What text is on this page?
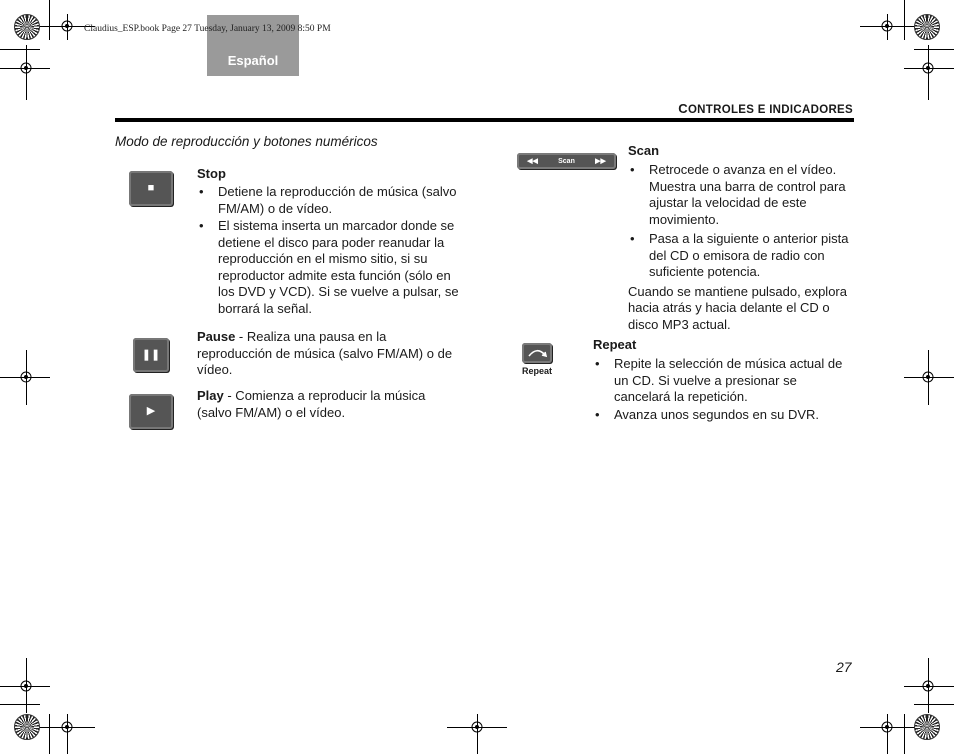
Claudius_ESP.book Page 27 Tuesday, January 13, 2009 8:50 PM
Español
CONTROLES E INDICADORES
Modo de reproducción y botones numéricos
■
Stop
• Detiene la reproducción de música (salvo FM/AM) o de vídeo.
• El sistema inserta un marcador donde se detiene el disco para poder reanudar la reproducción en el mismo sitio, si su reproductor admite esta función (sólo en los DVD y VCD). Si se vuelve a pulsar, se borrará la señal.
❚❚
Pause - Realiza una pausa en la reproducción de música (salvo FM/AM) o de vídeo.
▶
Play - Comienza a reproducir la música (salvo FM/AM) o el vídeo.
◀◀	Scan	▶▶
Scan
• Retrocede o avanza en el vídeo. Muestra una barra de control para ajustar la velocidad de este movimiento.
• Pasa a la siguiente o anterior pista del CD o emisora de radio con suficiente potencia.
Cuando se mantiene pulsado, explora hacia atrás y hacia delante el CD o disco MP3 actual.
Repeat
Repeat
• Repite la selección de música actual de un CD. Si vuelve a presionar se cancelará la repetición.
• Avanza unos segundos en su DVR.
27
